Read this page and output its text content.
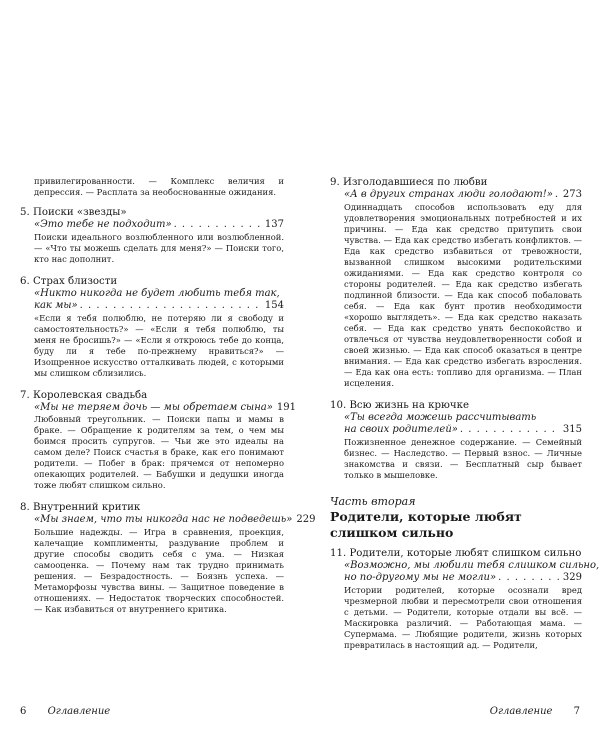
привилегированности. — Комплекс величия и депрессия. — Расплата за необоснованные ожидания.
5. Поиски «звезды»
«Это тебе не подходит» . . .	137
Поиски идеального возлюбленного или возлюбленной. — «Что ты можешь сделать для меня?» — Поиски того, кто нас дополнит.
6. Страх близости
«Никто никогда не будет любить тебя так,
как мы» . . .	154
«Если я тебя полюблю, не потеряю ли я свободу и самостоятельность?» — «Если я тебя полюблю, ты меня не бросишь?» — «Если я откроюсь тебе до конца, буду ли я тебе по-прежнему нравиться?» — Изощренное искусство отталкивать людей, с которыми мы слишком сблизились.
7. Королевская свадьба
«Мы не теряем дочь — мы обретаем сына» 191
Любовный треугольник. — Поиски папы и мамы в браке. — Обращение к родителям за тем, о чем мы боимся просить супругов. — Чьи же это идеалы на самом деле? Поиск счастья в браке, как его понимают родители. — Побег в брак: прячемся от непомерно опекающих родителей. — Бабушки и дедушки иногда тоже любят слишком сильно.
8. Внутренний критик
«Мы знаем, что ты никогда нас не подведешь» 229
Большие надежды. — Игра в сравнения, проекция, калечащие комплименты, раздувание проблем и другие способы сводить себя с ума. — Низкая самооценка. — Почему нам так трудно принимать решения. — Безрадостность. — Боязнь успеха. — Метаморфозы чувства вины. — Защитное поведение в отношениях. — Недостаток творческих способностей. — Как избавиться от внутреннего критика.
6 Оглавление
9. Изголодавшиеся по любви
«А в других странах люди голодают!» . . . 273
Одиннадцать способов использовать еду для удовлетворения эмоциональных потребностей и их причины. — Еда как средство притупить свои чувства. — Еда как средство избегать конфликтов. — Еда как средство избавиться от тревожности, вызванной слишком высокими родительскими ожиданиями. — Еда как средство контроля со стороны родителей. — Еда как средство избегать подлинной близости. — Еда как способ побаловать себя. — Еда как бунт против необходимости «хорошо выглядеть». — Еда как средство наказать себя. — Еда как средство унять беспокойство и отвлечься от чувства неудовлетворенности собой и своей жизнью. — Еда как способ оказаться в центре внимания. — Еда как средство избегать взросления. — Еда как она есть: топливо для организма. — План исцеления.
10. Всю жизнь на крючке
«Ты всегда можешь рассчитывать
на своих родителей» . . .	315
Пожизненное денежное содержание. — Семейный бизнес. — Наследство. — Первый взнос. — Личные знакомства и связи. — Бесплатный сыр бывает только в мышеловке.
Часть вторая
Родители, которые любят слишком сильно
11. Родители, которые любят слишком сильно
«Возможно, мы любили тебя слишком сильно,
но по-другому мы не могли» . . .	329
Истории родителей, которые осознали вред чрезмерной любви и пересмотрели свои отношения с детьми. — Родители, которые отдали вы всё. — Маскировка различий. — Работающая мама. — Супермама. — Любящие родители, жизнь которых превратилась в настоящий ад. — Родители,
Оглавление 7
